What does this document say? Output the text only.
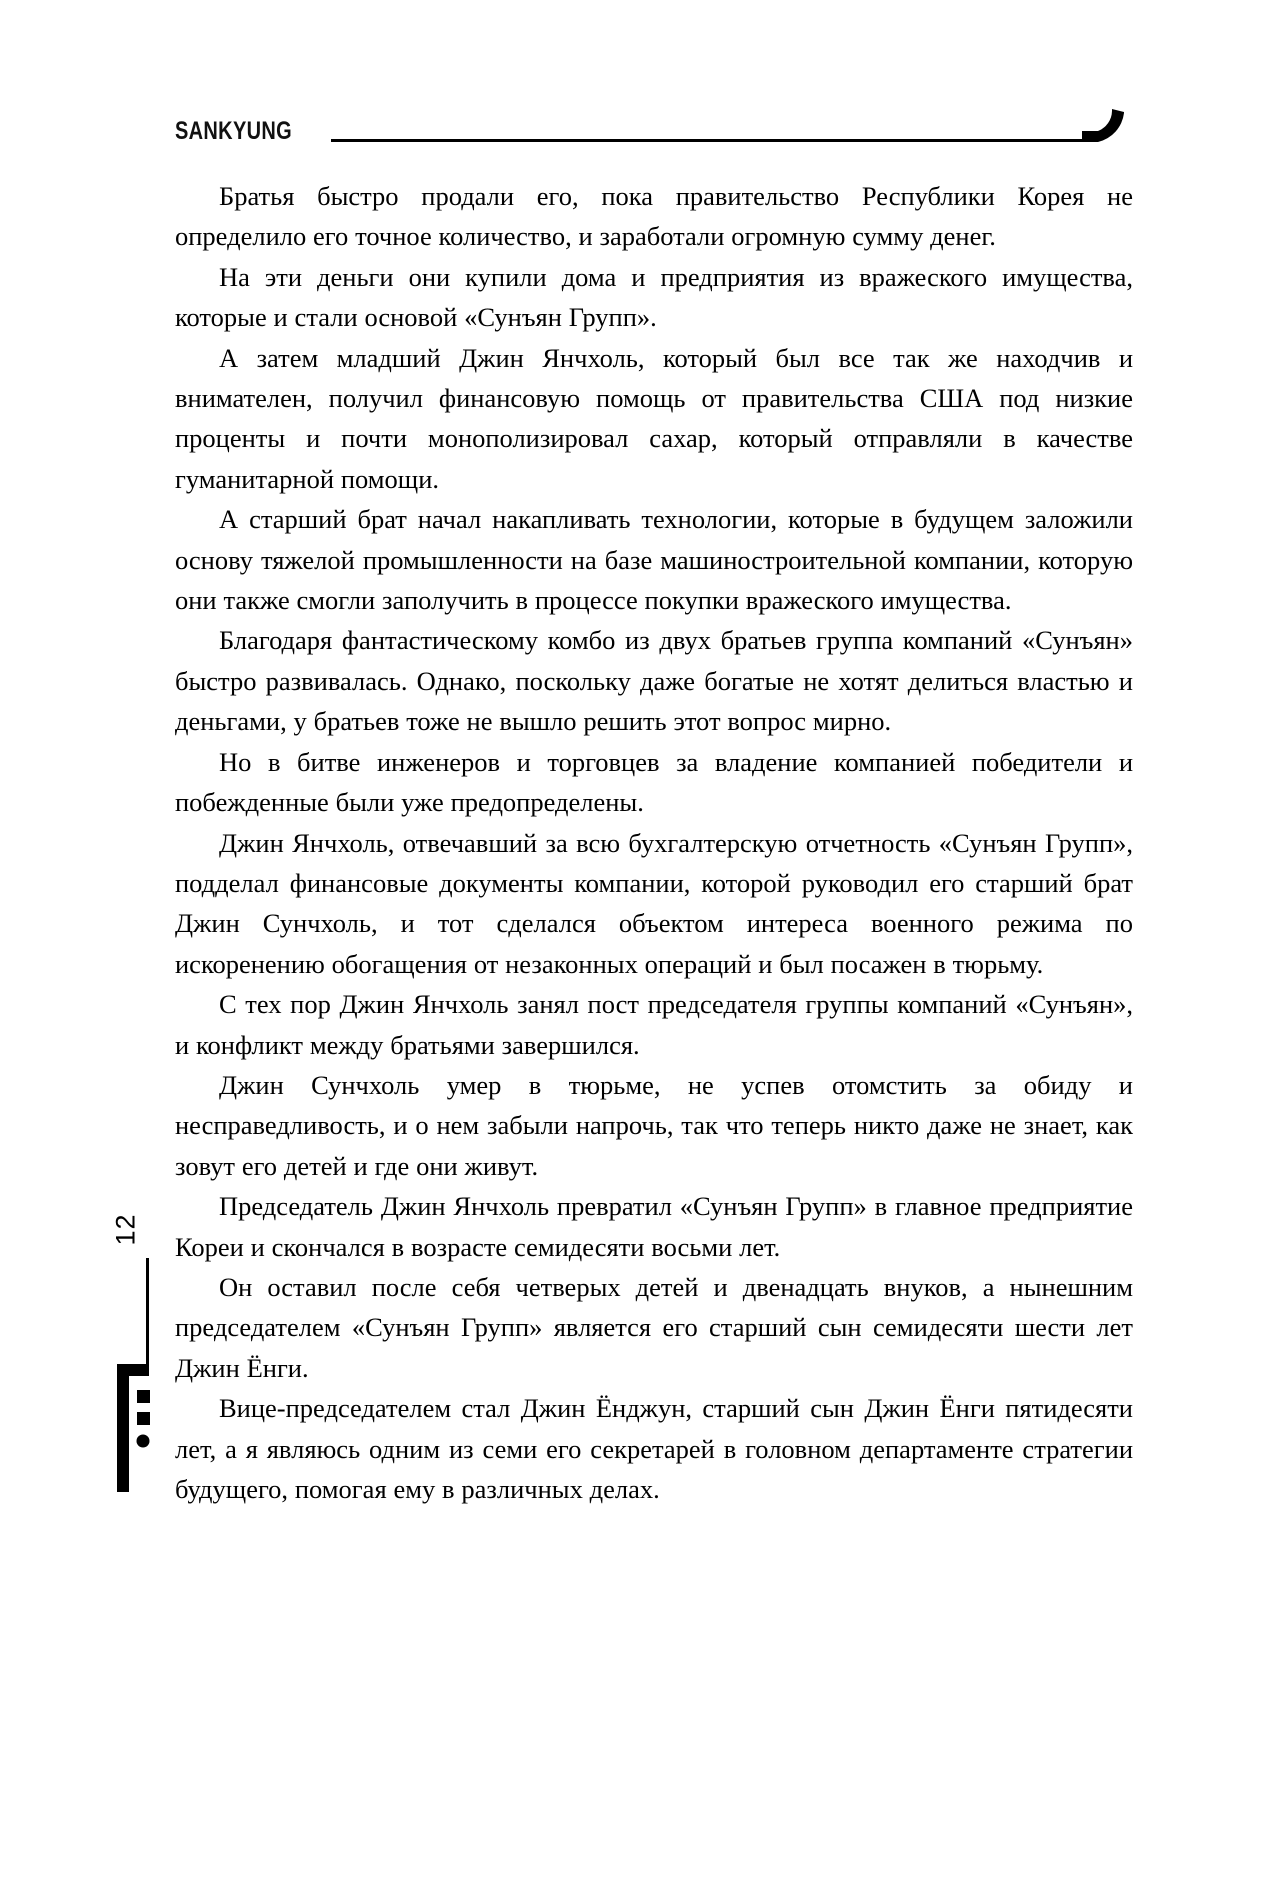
SANKYUNG

Братья быстро продали его, пока правительство Республики Корея не определило его точное количество, и заработали огромную сумму денег.

На эти деньги они купили дома и предприятия из вражеского имущества, которые и стали основой «Сунъян Групп».

А затем младший Джин Янчхоль, который был все так же находчив и внимателен, получил финансовую помощь от правительства США под низкие проценты и почти монополизировал сахар, который отправляли в качестве гуманитарной помощи.

А старший брат начал накапливать технологии, которые в будущем заложили основу тяжелой промышленности на базе машиностроительной компании, которую они также смогли заполучить в процессе покупки вражеского имущества.

Благодаря фантастическому комбо из двух братьев группа компаний «Сунъян» быстро развивалась. Однако, поскольку даже богатые не хотят делиться властью и деньгами, у братьев тоже не вышло решить этот вопрос мирно.

Но в битве инженеров и торговцев за владение компанией победители и побежденные были уже предопределены.

Джин Янчхоль, отвечавший за всю бухгалтерскую отчетность «Сунъян Групп», подделал финансовые документы компании, которой руководил его старший брат Джин Сунчхоль, и тот сделался объектом интереса военного режима по искоренению обогащения от незаконных операций и был посажен в тюрьму.

С тех пор Джин Янчхоль занял пост председателя группы компаний «Сунъян», и конфликт между братьями завершился.

Джин Сунчхоль умер в тюрьме, не успев отомстить за обиду и несправедливость, и о нем забыли напрочь, так что теперь никто даже не знает, как зовут его детей и где они живут.

Председатель Джин Янчхоль превратил «Сунъян Групп» в главное предприятие Кореи и скончался в возрасте семидесяти восьми лет.

Он оставил после себя четверых детей и двенадцать внуков, а нынешним председателем «Сунъян Групп» является его старший сын семидесяти шести лет Джин Ёнги.

Вице-председателем стал Джин Ёнджун, старший сын Джин Ёнги пятидесяти лет, а я являюсь одним из семи его секретарей в головном департаменте стратегии будущего, помогая ему в различных делах.

12
